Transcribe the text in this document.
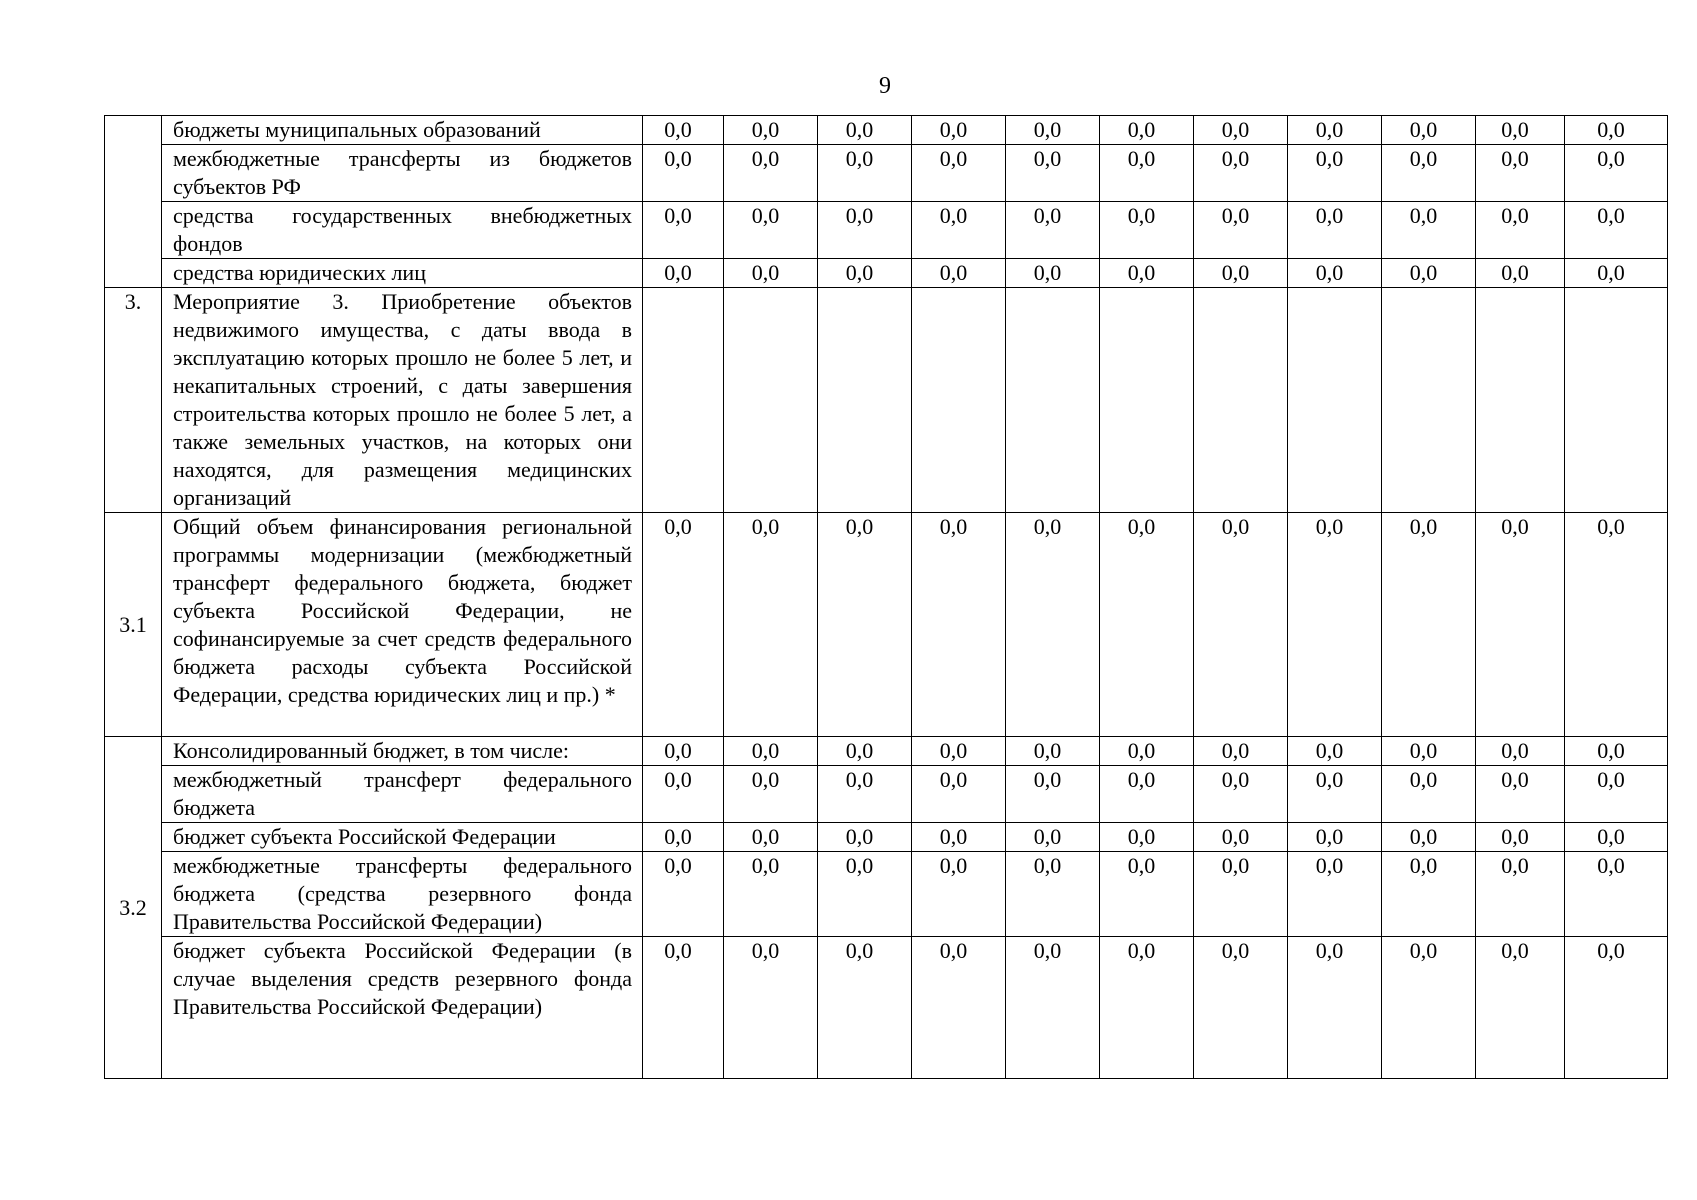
9
	бюджеты муниципальных образований	0,0	0,0	0,0	0,0	0,0	0,0	0,0	0,0	0,0	0,0	0,0
	межбюджетные трансферты из бюджетов субъектов РФ	0,0	0,0	0,0	0,0	0,0	0,0	0,0	0,0	0,0	0,0	0,0
	средства государственных внебюджетных фондов	0,0	0,0	0,0	0,0	0,0	0,0	0,0	0,0	0,0	0,0	0,0
	средства юридических лиц	0,0	0,0	0,0	0,0	0,0	0,0	0,0	0,0	0,0	0,0	0,0
3.	Мероприятие 3. Приобретение объектов недвижимого имущества, с даты ввода в эксплуатацию которых прошло не более 5 лет, и некапитальных строений, с даты завершения строительства которых прошло не более 5 лет, а также земельных участков, на которых они находятся, для размещения медицинских организаций											
3.1	Общий объем финансирования региональной программы модернизации (межбюджетный трансферт федерального бюджета, бюджет субъекта Российской Федерации, не софинансируемые за счет средств федерального бюджета расходы субъекта Российской Федерации, средства юридических лиц и пр.) *	0,0	0,0	0,0	0,0	0,0	0,0	0,0	0,0	0,0	0,0	0,0
3.2	Консолидированный бюджет, в том числе:	0,0	0,0	0,0	0,0	0,0	0,0	0,0	0,0	0,0	0,0	0,0
	межбюджетный трансферт федерального бюджета	0,0	0,0	0,0	0,0	0,0	0,0	0,0	0,0	0,0	0,0	0,0
	бюджет субъекта Российской Федерации	0,0	0,0	0,0	0,0	0,0	0,0	0,0	0,0	0,0	0,0	0,0
	межбюджетные трансферты федерального бюджета (средства резервного фонда Правительства Российской Федерации)	0,0	0,0	0,0	0,0	0,0	0,0	0,0	0,0	0,0	0,0	0,0
	бюджет субъекта Российской Федерации (в случае выделения средств резервного фонда Правительства Российской Федерации)	0,0	0,0	0,0	0,0	0,0	0,0	0,0	0,0	0,0	0,0	0,0
